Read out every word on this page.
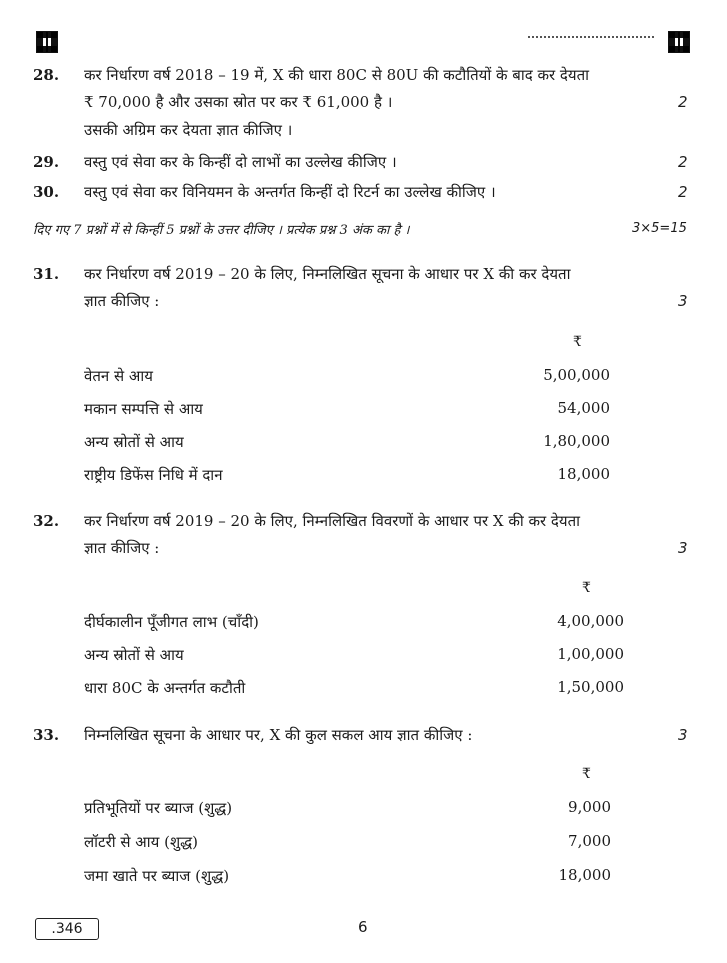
28. कर निर्धारण वर्ष 2018 – 19 में, X की धारा 80C से 80U की कटौतियों के बाद कर देयता
₹ 70,000 है और उसका स्रोत पर कर ₹ 61,000 है ।
उसकी अग्रिम कर देयता ज्ञात कीजिए ।
2
29. वस्तु एवं सेवा कर के किन्हीं दो लाभों का उल्लेख कीजिए ।	2
30. वस्तु एवं सेवा कर विनियमन के अन्तर्गत किन्हीं दो रिटर्न का उल्लेख कीजिए ।	2
दिए गए 7 प्रश्नों में से किन्हीं 5 प्रश्नों के उत्तर दीजिए । प्रत्येक प्रश्न 3 अंक का है ।	3×5=15
31. कर निर्धारण वर्ष 2019 – 20 के लिए, निम्नलिखित सूचना के आधार पर X की कर देयता
ज्ञात कीजिए :	3
₹
वेतन से आय	5,00,000
मकान सम्पत्ति से आय	54,000
अन्य स्रोतों से आय	1,80,000
राष्ट्रीय डिफेंस निधि में दान	18,000
32. कर निर्धारण वर्ष 2019 – 20 के लिए, निम्नलिखित विवरणों के आधार पर X की कर देयता
ज्ञात कीजिए :	3
₹
दीर्घकालीन पूँजीगत लाभ (चाँदी)	4,00,000
अन्य स्रोतों से आय	1,00,000
धारा 80C के अन्तर्गत कटौती	1,50,000
33. निम्नलिखित सूचना के आधार पर, X की कुल सकल आय ज्ञात कीजिए :	3
₹
प्रतिभूतियों पर ब्याज (शुद्ध)	9,000
लॉटरी से आय (शुद्ध)	7,000
जमा खाते पर ब्याज (शुद्ध)	18,000
.346	6
